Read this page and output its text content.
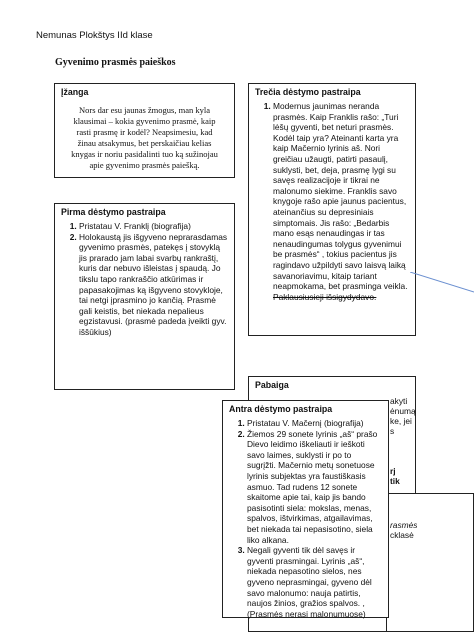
Nemunas Plokštys IId klase
Gyvenimo prasmės paieškos
Įžanga

Nors dar esu jaunas žmogus, man kyla

klausimai – kokia gyvenimo prasmė, kaip

rasti prasmę ir kodėl? Neapsimesiu, kad

žinau atsakymus, bet perskaičiau kelias

knygas ir noriu pasidalinti tuo ką sužinojau

apie gyvenimo prasmės paiešką.

Pirma dėstymo pastraipa
1. Pristatau V. Franklį (biografija)
2. Holokaustą jis išgyveno neprarasdamas gyvenimo prasmės, patekęs į stovyklą jis prarado jam labai svarbų rankraštį, kuris dar nebuvo išleistas į spaudą. Jo tikslu tapo rankraščio atkūrimas ir papasakojimas ką išgyveno stovykloje, tai netgi įprasmino jo kančią. Prasmė gali keistis, bet niekada nepalieus egzistavusi. (prasmė padeda įveikti gyv. iššūkius)
Trečia dėstymo pastraipa
1. Modernus jaunimas neranda prasmės. Kaip Franklis rašo: „Turi lėšų gyventi, bet neturi prasmės. Kodėl taip yra? Ateinanti karta yra kaip Mačernio lyrinis aš. Nori greičiau užaugti, patirti pasaulį, suklysti, bet, deja, prasmę lygi su savęs realizacijoje ir tikrai ne malonumo siekime. Franklis savo knygoje rašo apie jaunus pacientus, ateinančius su depresiniais simptomais. Jis rašo: „Bedarbis mano esąs nenaudingas ir tas nenaudingumas tolygus gyvenimui be prasmės“ , tokius pacientus jis ragindavo užpildyti savo laisvą laiką savanoriavimu, kitaip tariant neapmokama, bet prasminga veikla. Paklausiusieji išsigydydavo.
Pabaiga
akyti
ėnumą
ke, jei
s
rj
tik
rasmės
cklasė
Antra dėstymo pastraipa
1. Pristatau V. Mačernį (biografija)
2. Žiemos 29 sonete lyrinis „aš“ prašo Dievo leidimo iškeliauti ir ieškoti savo laimes, suklysti ir po to sugrįžti. Mačernio metų sonetuose lyrinis subjektas yra faustiškasis asmuo. Tad rudens 12 sonete skaitome apie tai, kaip jis bando pasisotinti siela: mokslas, menas, spalvos, ištvirkimas, atgailavimas, bet niekada tai nepasisotino, siela liko alkana.
3. Negali gyventi tik dėl savęs ir gyventi prasmingai. Lyrinis „aš“, niekada nepasotino sielos, nes gyveno neprasmingai, gyveno dėl savo malonumo: nauja patirtis, naujos žinios, gražios spalvos. , (Prasmės nerasi malonumuose)
